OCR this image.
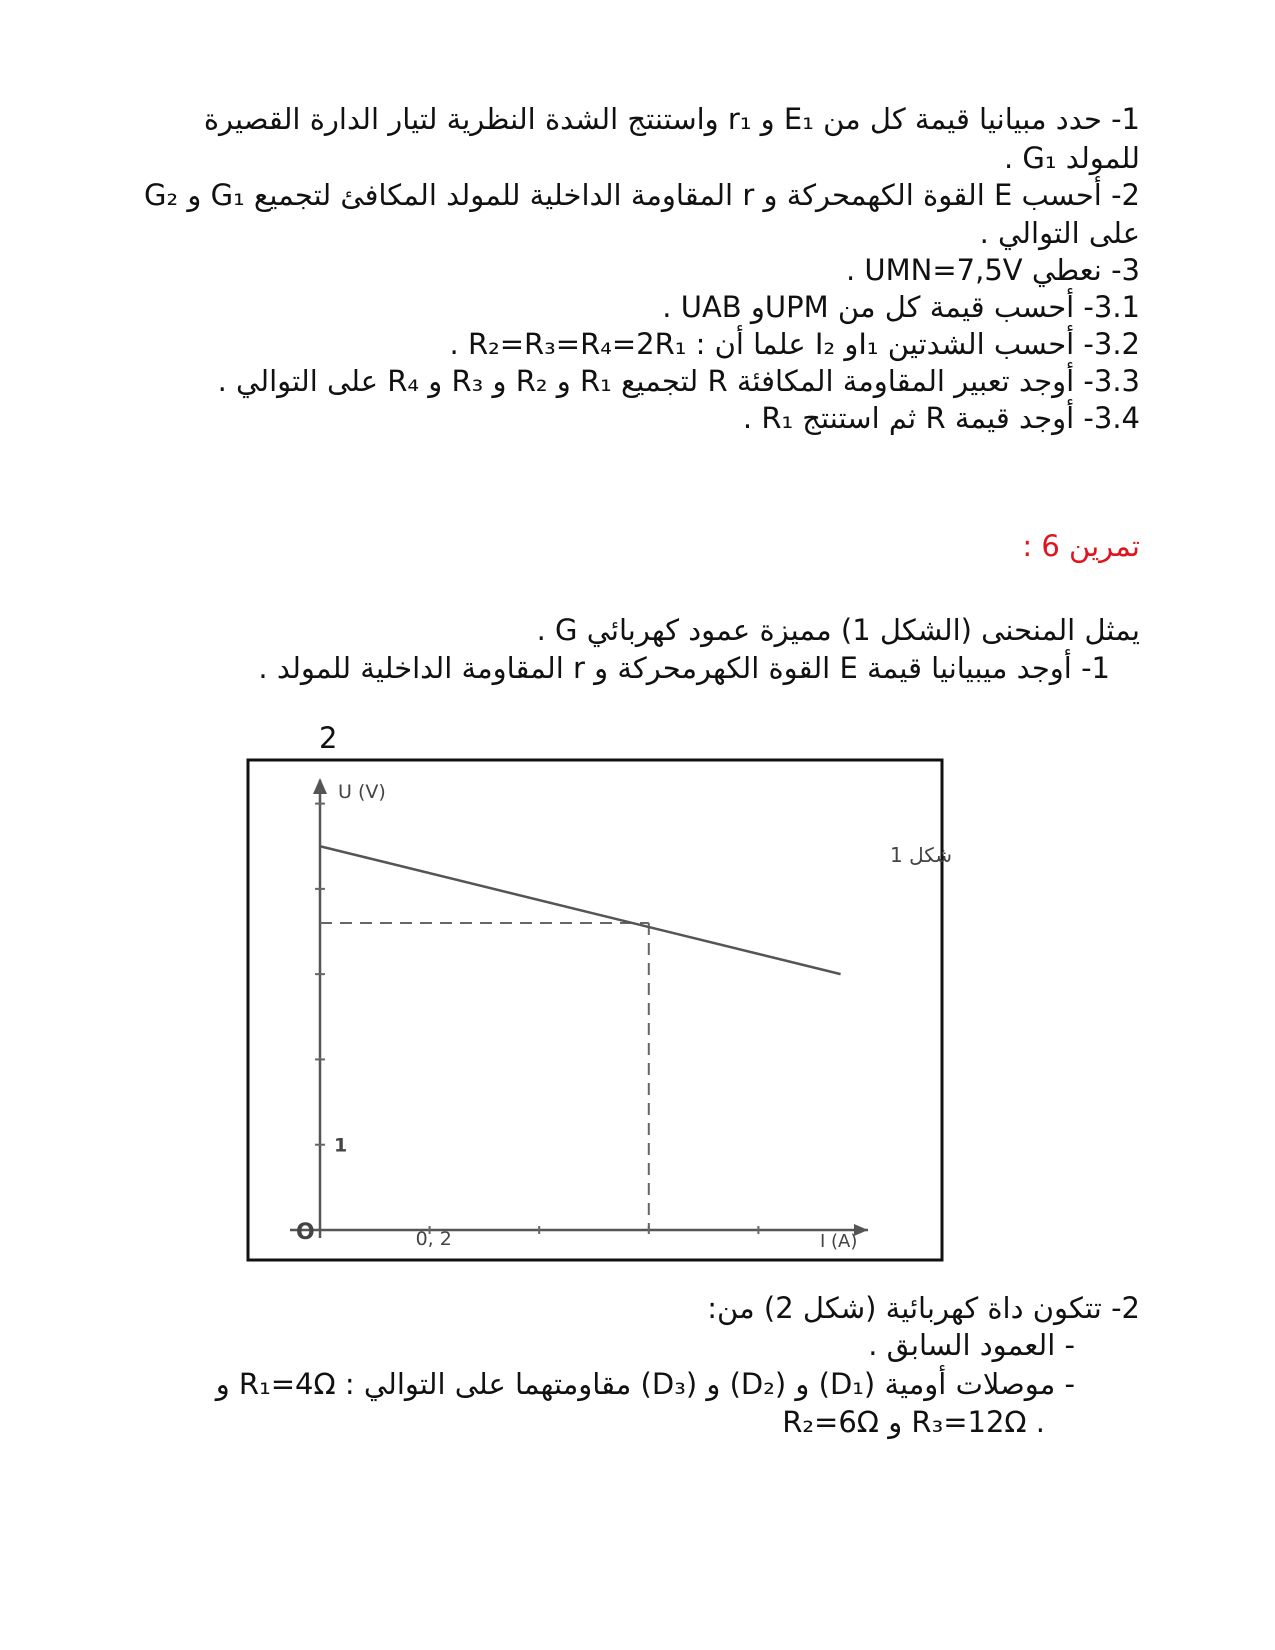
1- حدد مبيانيا قيمة كل من E₁ و r₁ واستنتج الشدة النظرية لتيار الدارة القصيرة
للمولد G₁ .
2- أحسب E القوة الكهمحركة و r المقاومة الداخلية للمولد المكافئ لتجميع G₁ و G₂
على التوالي .
3- نعطي UMN=7,5V .
3.1- أحسب قيمة كل من UPMو UAB .
3.2- أحسب الشدتين I₁و I₂ علما أن : R₂=R₃=R₄=2R₁ .
3.3- أوجد تعبير المقاومة المكافئة R لتجميع R₁ و R₂ و R₃ و R₄ على التوالي .
3.4- أوجد قيمة R ثم استنتج R₁ .
تمرين 6 :
يمثل المنحنى (الشكل 1) مميزة عمود كهربائي G .
1- أوجد ميبيانيا قيمة E القوة الكهرمحركة و r المقاومة الداخلية للمولد .
2
O	0, 2
1
U (V)
I (A)
شكل 1
2- تتكون داة كهربائية (شكل 2) من:
- العمود السابق .
- موصلات أومية (D₁) و (D₂) و (D₃) مقاومتهما على التوالي : R₁=4Ω و
R₂=6Ω و R₃=12Ω .
